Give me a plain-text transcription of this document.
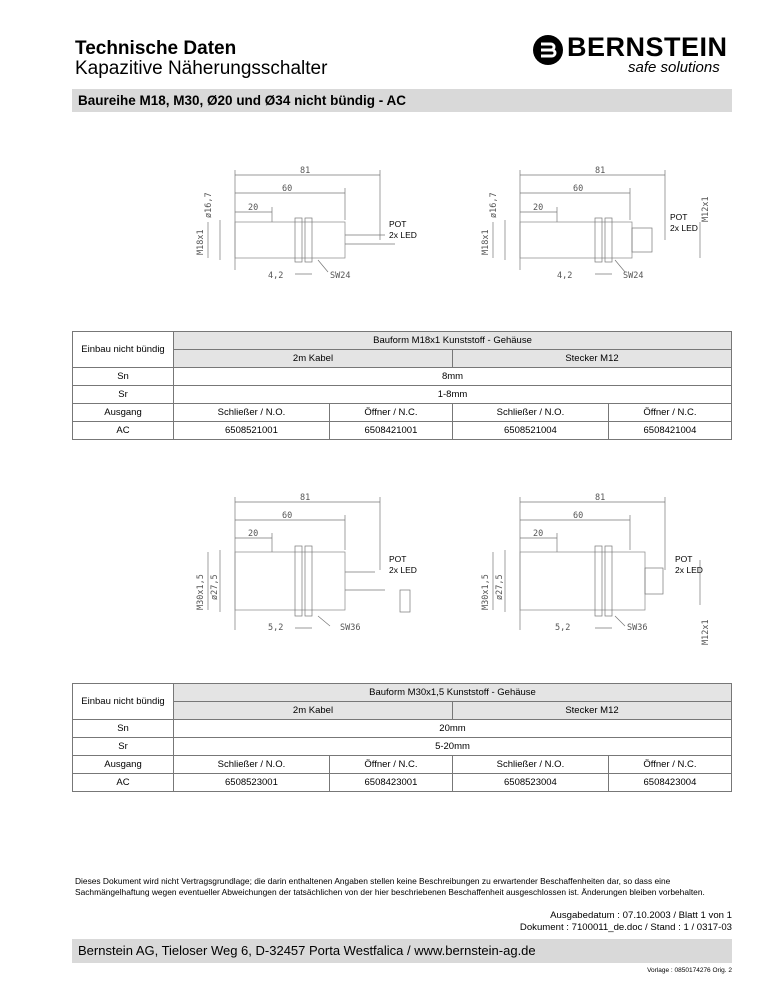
Technische Daten
Kapazitive Näherungsschalter
BERNSTEIN
safe solutions
Baureihe M18, M30, Ø20 und Ø34 nicht bündig - AC
81
60
20
ø16,7
M18x1
4,2	SW24
POT
2x LED
81
60
20
ø16,7
M18x1
M12x1
4,2	SW24
POT
2x LED
Einbau nicht bündig	Bauform M18x1 Kunststoff - Gehäuse			
	2m Kabel		Stecker M12	
Sn	8mm			
Sr	1-8mm			
Ausgang	Schließer / N.O.	Öffner / N.C.	Schließer / N.O.	Öffner / N.C.
AC	6508521001	6508421001	6508521004	6508421004
81
60
20
ø27,5
M30x1,5
5,2	SW36
POT
2x LED
81
60
20
ø27,5
M30x1,5
M12x1
5,2	SW36
POT
2x LED
Einbau nicht bündig	Bauform M30x1,5 Kunststoff - Gehäuse			
	2m Kabel		Stecker M12	
Sn	20mm			
Sr	5-20mm			
Ausgang	Schließer / N.O.	Öffner / N.C.	Schließer / N.O.	Öffner / N.C.
AC	6508523001	6508423001	6508523004	6508423004
Dieses Dokument wird nicht Vertragsgrundlage; die darin enthaltenen Angaben stellen keine Beschreibungen zu erwartender Beschaffenheiten dar, so dass eine Sachmängelhaftung wegen eventueller Abweichungen der tatsächlichen von der hier beschriebenen Beschaffenheit ausgeschlossen ist. Änderungen bleiben vorbehalten.
Ausgabedatum : 07.10.2003 / Blatt 1 von 1
Dokument : 7100011_de.doc / Stand : 1 / 0317-03
Bernstein AG, Tieloser Weg 6, D-32457 Porta Westfalica / www.bernstein-ag.de
Vorlage : 0850174276 Orig. 2
